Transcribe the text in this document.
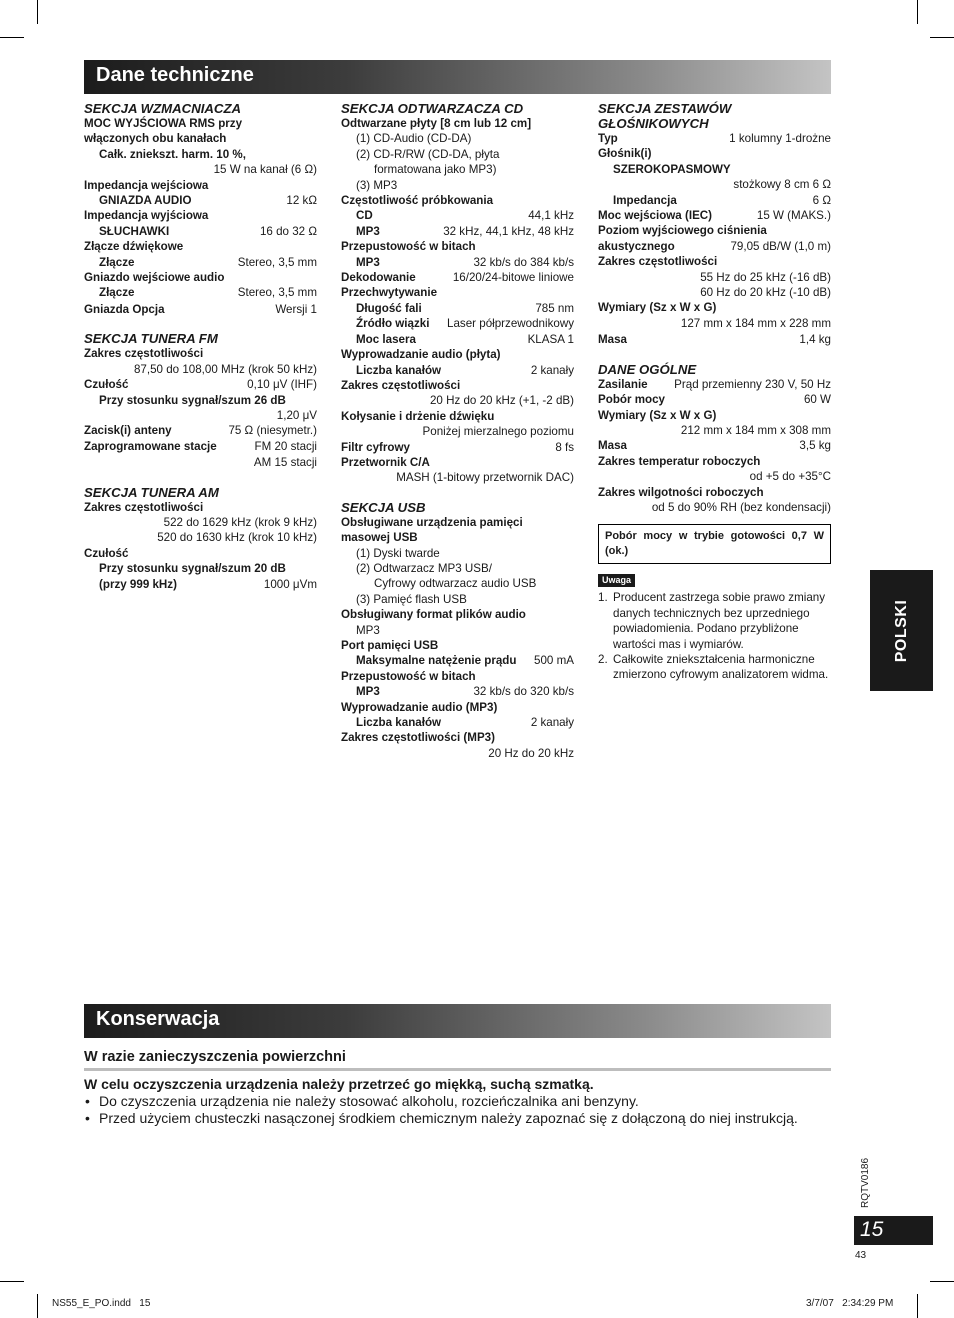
Dane techniczne
SEKCJA WZMACNIACZA
MOC WYJŚCIOWA RMS przy
włączonych obu kanałach
Całk. zniekszt. harm. 10 %,
15 W na kanał (6 Ω)
Impedancja wejściowa
GNIAZDA AUDIO	12 kΩ
Impedancja wyjściowa
SŁUCHAWKI	16 do 32 Ω
Złącze dźwiękowe
Złącze	Stereo, 3,5 mm
Gniazdo wejściowe audio
Złącze	Stereo, 3,5 mm
Gniazda Opcja	Wersji 1
SEKCJA TUNERA FM
Zakres częstotliwości
87,50 do 108,00 MHz (krok 50 kHz)
Czułość	0,10 μV (IHF)
Przy stosunku sygnał/szum 26 dB
1,20 μV
Zacisk(i) anteny	75 Ω (niesymetr.)
Zaprogramowane stacje	FM 20 stacji
AM 15 stacji
SEKCJA TUNERA AM
Zakres częstotliwości
522 do 1629 kHz (krok 9 kHz)
520 do 1630 kHz (krok 10 kHz)
Czułość
Przy stosunku sygnał/szum 20 dB
(przy 999 kHz)	1000 μVm
SEKCJA ODTWARZACZA CD
Odtwarzane płyty [8 cm lub 12 cm]
(1) CD-Audio (CD-DA)
(2) CD-R/RW (CD-DA, płyta
formatowana jako MP3)
(3) MP3
Częstotliwość próbkowania
CD	44,1 kHz
MP3	32 kHz, 44,1 kHz, 48 kHz
Przepustowość w bitach
MP3	32 kb/s do 384 kb/s
Dekodowanie	16/20/24-bitowe liniowe
Przechwytywanie
Długość fali	785 nm
Źródło wiązki Laser półprzewodnikowy
Moc lasera	KLASA 1
Wyprowadzanie audio (płyta)
Liczba kanałów	2 kanały
Zakres częstotliwości
20 Hz do 20 kHz (+1, -2 dB)
Kołysanie i drżenie dźwięku
Poniżej mierzalnego poziomu
Filtr cyfrowy	8 fs
Przetwornik C/A
MASH (1-bitowy przetwornik DAC)
SEKCJA USB
Obsługiwane urządzenia pamięci
masowej USB
(1) Dyski twarde
(2) Odtwarzacz MP3 USB/
Cyfrowy odtwarzacz audio USB
(3) Pamięć flash USB
Obsługiwany format plików audio
MP3
Port pamięci USB
Maksymalne natężenie prądu 500 mA
Przepustowość w bitach
MP3	32 kb/s do 320 kb/s
Wyprowadzanie audio (MP3)
Liczba kanałów	2 kanały
Zakres częstotliwości (MP3)
20 Hz do 20 kHz
SEKCJA ZESTAWÓW
GŁOŚNIKOWYCH
Typ	1 kolumny 1-drożne
Głośnik(i)
SZEROKOPASMOWY
stożkowy 8 cm 6 Ω
Impedancja	6 Ω
Moc wejściowa (IEC)	15 W (MAKS.)
Poziom wyjściowego ciśnienia
akustycznego	79,05 dB/W (1,0 m)
Zakres częstotliwości
55 Hz do 25 kHz (-16 dB)
60 Hz do 20 kHz (-10 dB)
Wymiary (Sz x W x G)
127 mm x 184 mm x 228 mm
Masa	1,4 kg
DANE OGÓLNE
Zasilanie Prąd przemienny 230 V, 50 Hz
Pobór mocy	60 W
Wymiary (Sz x W x G)
212 mm x 184 mm x 308 mm
Masa	3,5 kg
Zakres temperatur roboczych
od +5 do +35°C
Zakres wilgotności roboczych
od 5 do 90% RH (bez kondensacji)
Pobór mocy w trybie gotowości 0,7 W (ok.)
Uwaga
1. Producent zastrzega sobie prawo zmiany danych technicznych bez uprzedniego powiadomienia. Podano przybliżone wartości mas i wymiarów.
2. Całkowite zniekształcenia harmoniczne zmierzono cyfrowym analizatorem widma.
POLSKI
Konserwacja
W razie zanieczyszczenia powierzchni
W celu oczyszczenia urządzenia należy przetrzeć go miękką, suchą szmatką.
• Do czyszczenia urządzenia nie należy stosować alkoholu, rozcieńczalnika ani benzyny.
• Przed użyciem chusteczki nasączonej środkiem chemicznym należy zapoznać się z dołączoną do niej instrukcją.
RQTV0186
15
43
NS55_E_PO.indd   15	3/7/07   2:34:29 PM
